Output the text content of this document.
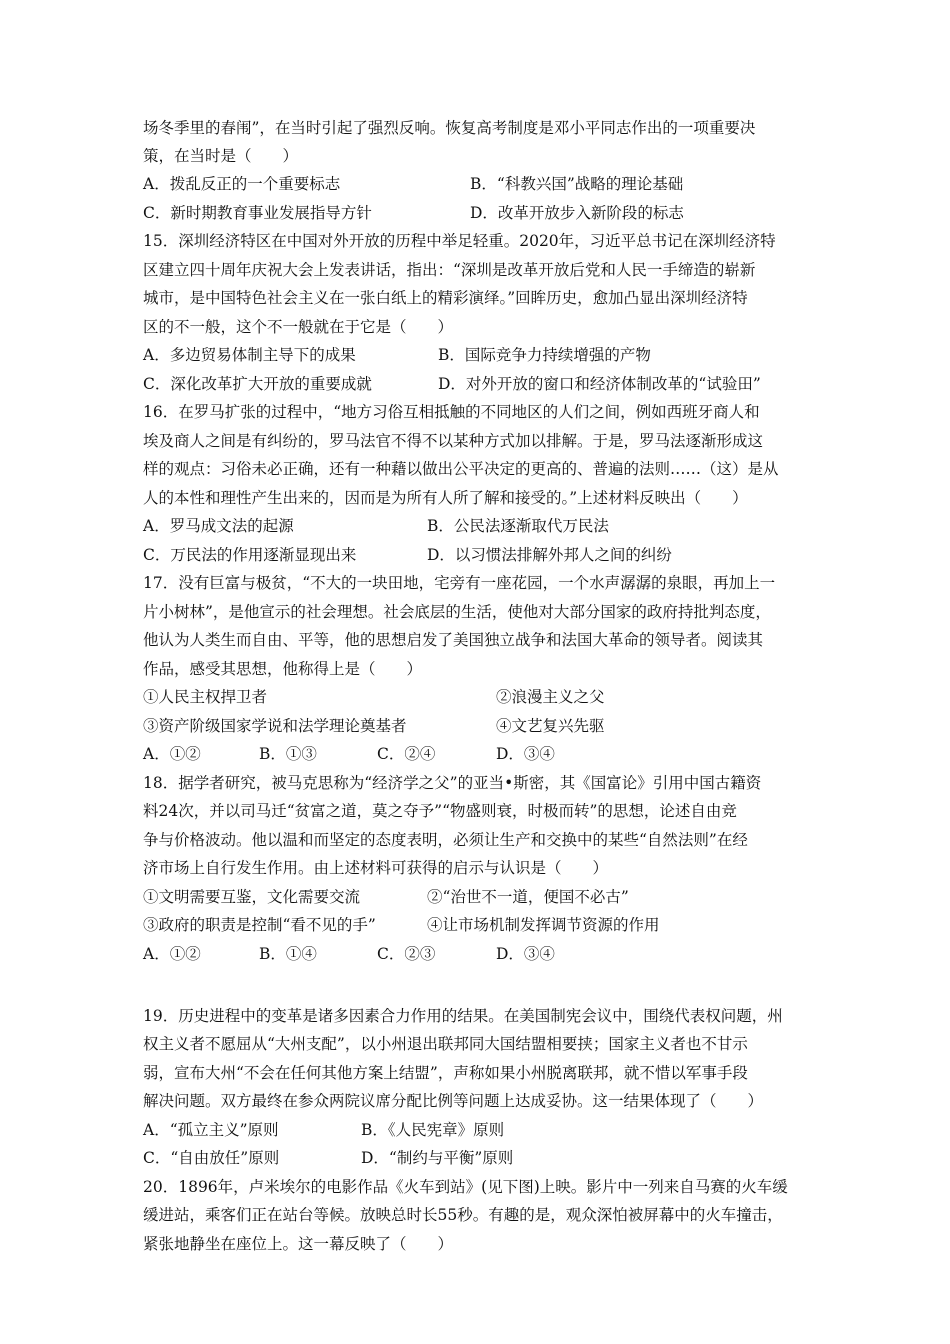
场冬季里的春闱”，在当时引起了强烈反响。恢复高考制度是邓小平同志作出的一项重要决
策，在当时是（　　）
A．拨乱反正的一个重要标志	B．“科教兴国”战略的理论基础
C．新时期教育事业发展指导方针	D．改革开放步入新阶段的标志
15．深圳经济特区在中国对外开放的历程中举足轻重。2020年，习近平总书记在深圳经济特
区建立四十周年庆祝大会上发表讲话，指出：“深圳是改革开放后党和人民一手缔造的崭新
城市，是中国特色社会主义在一张白纸上的精彩演绎。”回眸历史，愈加凸显出深圳经济特
区的不一般，这个不一般就在于它是（　　）
A．多边贸易体制主导下的成果	B．国际竞争力持续增强的产物
C．深化改革扩大开放的重要成就	D．对外开放的窗口和经济体制改革的“试验田”
16．在罗马扩张的过程中，“地方习俗互相抵触的不同地区的人们之间，例如西班牙商人和
埃及商人之间是有纠纷的，罗马法官不得不以某种方式加以排解。于是，罗马法逐渐形成这
样的观点：习俗未必正确，还有一种藉以做出公平决定的更高的、普遍的法则……（这）是从
人的本性和理性产生出来的，因而是为所有人所了解和接受的。”上述材料反映出（　　）
A．罗马成文法的起源	B．公民法逐渐取代万民法
C．万民法的作用逐渐显现出来	D．以习惯法排解外邦人之间的纠纷
17．没有巨富与极贫，“不大的一块田地，宅旁有一座花园，一个水声潺潺的泉眼，再加上一
片小树林”，是他宣示的社会理想。社会底层的生活，使他对大部分国家的政府持批判态度，
他认为人类生而自由、平等，他的思想启发了美国独立战争和法国大革命的领导者。阅读其
作品，感受其思想，他称得上是（　　）
①人民主权捍卫者	②浪漫主义之父
③资产阶级国家学说和法学理论奠基者	④文艺复兴先驱
A．①②	B．①③	C．②④	D．③④
18．据学者研究，被马克思称为“经济学之父”的亚当•斯密，其《国富论》引用中国古籍资
料24次，并以司马迁“贫富之道，莫之夺予”“物盛则衰，时极而转”的思想，论述自由竞
争与价格波动。他以温和而坚定的态度表明，必须让生产和交换中的某些“自然法则”在经
济市场上自行发生作用。由上述材料可获得的启示与认识是（　　）
①文明需要互鉴，文化需要交流	②“治世不一道，便国不必古”
③政府的职责是控制“看不见的手”	④让市场机制发挥调节资源的作用
A．①②	B．①④	C．②③	D．③④
19．历史进程中的变革是诸多因素合力作用的结果。在美国制宪会议中，围绕代表权问题，州
权主义者不愿屈从“大州支配”，以小州退出联邦同大国结盟相要挟；国家主义者也不甘示
弱，宣布大州“不会在任何其他方案上结盟”，声称如果小州脱离联邦，就不惜以军事手段
解决问题。双方最终在参众两院议席分配比例等问题上达成妥协。这一结果体现了（　　）
A．“孤立主义”原则	B．《人民宪章》原则
C．“自由放任”原则	D．“制约与平衡”原则
20．1896年，卢米埃尔的电影作品《火车到站》(见下图)上映。影片中一列来自马赛的火车缓
缓进站，乘客们正在站台等候。放映总时长55秒。有趣的是，观众深怕被屏幕中的火车撞击，
紧张地静坐在座位上。这一幕反映了（　　）
